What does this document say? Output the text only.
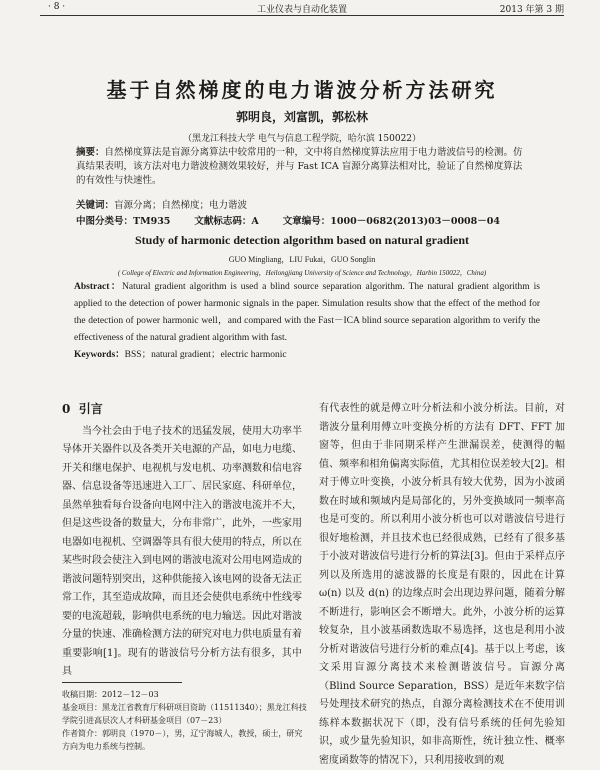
· 8 ·	工业仪表与自动化装置	2013 年第 3 期
基于自然梯度的电力谐波分析方法研究
郭明良，刘富凯，郭松林
（黑龙江科技大学 电气与信息工程学院，哈尔滨 150022）
摘要：自然梯度算法是盲源分离算法中较常用的一种，文中将自然梯度算法应用于电力谐波信号的检测。仿真结果表明，该方法对电力谐波检测效果较好，并与 Fast ICA 盲源分离算法相对比，验证了自然梯度算法的有效性与快速性。
关键词：盲源分离；自然梯度；电力谐波
中图分类号：TM935	文献标志码：A	文章编号：1000－0682(2013)03－0008－04
Study of harmonic detection algorithm based on natural gradient
GUO Mingliang，LIU Fukai，GUO Songlin
( College of Electric and Information Engineering，Heilongjiang University of Science and Technology，Harbin 150022，China)
Abstract：Natural gradient algorithm is used a blind source separation algorithm. The natural gradient algorithm is applied to the detection of power harmonic signals in the paper. Simulation results show that the effect of the method for the detection of power harmonic well，and compared with the Fast－ICA blind source separation algorithm to verify the effectiveness of the natural gradient algorithm with fast.
Keywords：BSS；natural gradient；electric harmonic
0 引言

当今社会由于电子技术的迅猛发展，使用大功率半导体开关器件以及各类开关电源的产品，如电力电缆、开关和继电保护、电视机与发电机、功率测数和信电容器、信息设备等迅速进入工厂、居民家庭、科研单位，虽然单独看每台设备向电网中注入的谐波电流并不大，但是这些设备的数量大，分布非常广，此外，一些家用电器如电视机、空调器等具有很大使用的特点，所以在某些时段会使注入到电网的谐波电流对公用电网造成的谐波问题特别突出，这种供能接入该电网的设备无法正常工作，其至造成故障，而且还会使供电系统中性线零要的电流超载，影响供电系统的电力输送。因此对谐波分量的快速、准确检测方法的研究对电力供电质量有着重要影响[1]。现有的谐波信号分析方法有很多，其中具

有代表性的就是傅立叶分析法和小波分析法。目前，对谐波分量利用傅立叶变换分析的方法有 DFT、FFT 加窗等，但由于非同期采样产生泄漏误差，使测得的幅值、频率和相角偏离实际值，尤其相位误差较大[2]。相对于傅立叶变换，小波分析具有较大优势，因为小波函数在时域和频域内是局部化的，另外变换域同一频率高也是可变的。所以利用小波分析也可以对谐波信号进行很好地检测，并且技术也已经很成熟，已经有了很多基于小波对谐波信号进行分析的算法[3]。但由于采样点序列以及所选用的滤波器的长度是有限的，因此在计算 ω(n) 以及 d(n) 的边缘点时会出现边界问题，随着分解不断进行，影响区会不断增大。此外，小波分析的运算较复杂，且小波基函数选取不易选择，这也是利用小波分析对谐波信号进行分析的难点[4]。基于以上考虑，该文采用盲源分离技术来检测谐波信号。盲源分离（Blind Source Separation，BSS）是近年来数字信号处理技术研究的热点，自源分离检测技术在不使用训练样本数据状况下（即，没有信号系统的任何先验知识，或少量先验知识，如非高斯性，统计独立性、概率密度函数等的情况下），只利用接收到的观

收稿日期：2012－12－03
基金项目：黑龙江省教育厅科研项目资助（11511340）；黑龙江科技学院引进高层次人才科研基金项目（07－23）
作者简介：郭明良（1970－），男，辽宁海城人，教授，硕士，研究方向为电力系统与控制。
